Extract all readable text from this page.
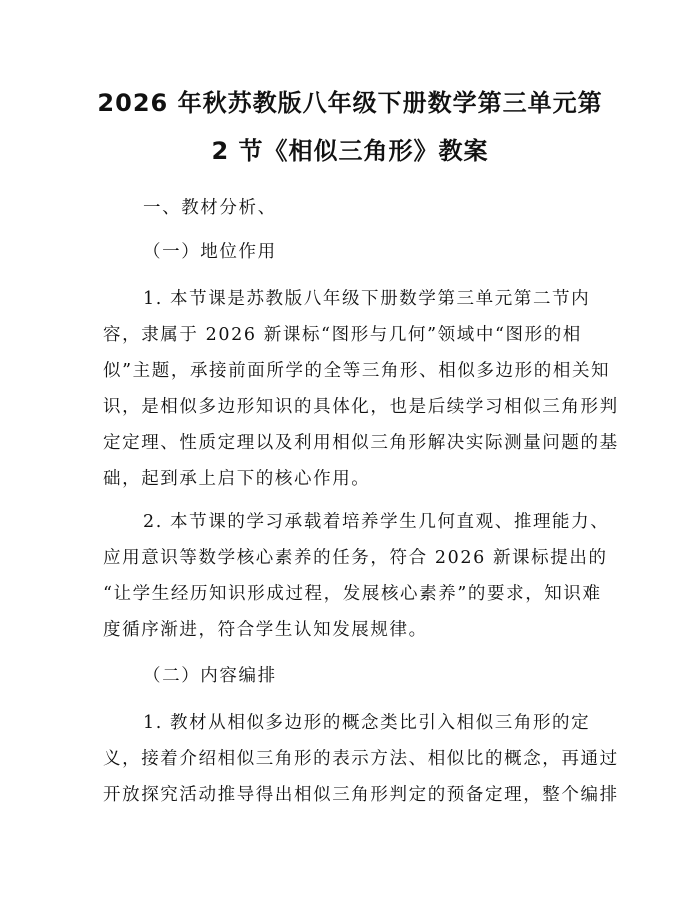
2026 年秋苏教版八年级下册数学第三单元第
2 节《相似三角形》教案
一、教材分析、
（一）地位作用
1. 本节课是苏教版八年级下册数学第三单元第二节内
容，隶属于 2026 新课标“图形与几何”领域中“图形的相
似”主题，承接前面所学的全等三角形、相似多边形的相关知
识，是相似多边形知识的具体化，也是后续学习相似三角形判
定定理、性质定理以及利用相似三角形解决实际测量问题的基
础，起到承上启下的核心作用。
2. 本节课的学习承载着培养学生几何直观、推理能力、
应用意识等数学核心素养的任务，符合 2026 新课标提出的
“让学生经历知识形成过程，发展核心素养”的要求，知识难
度循序渐进，符合学生认知发展规律。
（二）内容编排
1. 教材从相似多边形的概念类比引入相似三角形的定
义，接着介绍相似三角形的表示方法、相似比的概念，再通过
开放探究活动推导得出相似三角形判定的预备定理，整个编排
